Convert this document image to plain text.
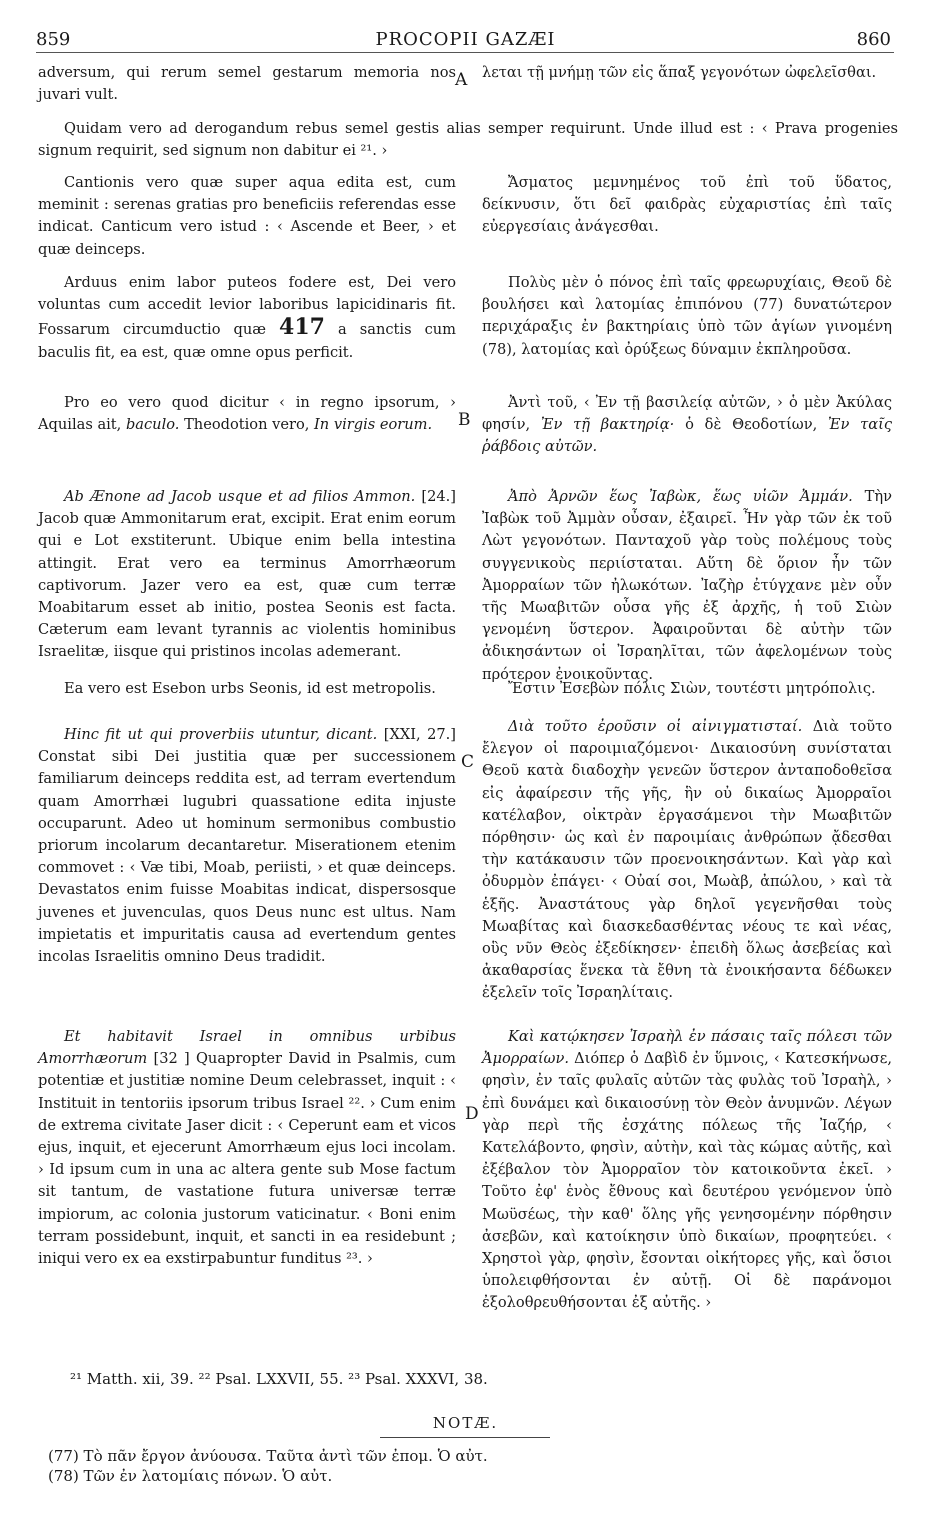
859	PROCOPII GAZÆI	860
A
B
C
D
adversum, qui rerum semel gestarum memoria nos juvari vult.
λεται τῇ μνήμῃ τῶν εἰς ἅπαξ γεγονότων ὠφελεῖσθαι.
Quidam vero ad derogandum rebus semel gestis alias semper requirunt. Unde illud est : ‹ Prava progenies signum requirit, sed signum non dabitur ei ²¹. ›
Cantionis vero quæ super aqua edita est, cum meminit : serenas gratias pro beneficiis referendas esse indicat. Canticum vero istud : ‹ Ascende et Beer, › et quæ deinceps.
Ἄσματος μεμνημένος τοῦ ἐπὶ τοῦ ὕδατος, δείκνυσιν, ὅτι δεῖ φαιδρὰς εὐχαριστίας ἐπὶ ταῖς εὐεργεσίαις ἀνάγεσθαι.
Arduus enim labor puteos fodere est, Dei vero voluntas cum accedit levior laboribus lapicidinaris fit. Fossarum circumductio quæ 417 a sanctis cum baculis fit, ea est, quæ omne opus perficit.
Πολὺς μὲν ὁ πόνος ἐπὶ ταῖς φρεωρυχίαις, Θεοῦ δὲ βουλήσει καὶ λατομίας ἐπιπόνου (77) δυνατώτερον περιχάραξις ἐν βακτηρίαις ὑπὸ τῶν ἁγίων γινομένη (78), λατομίας καὶ ὀρύξεως δύναμιν ἐκπληροῦσα.
Pro eo vero quod dicitur ‹ in regno ipsorum, › Aquilas ait, baculo. Theodotion vero, In virgis eorum.
Ἀντὶ τοῦ, ‹ Ἐν τῇ βασιλείᾳ αὐτῶν, › ὁ μὲν Ἀκύλας φησίν, Ἐν τῇ βακτηρίᾳ· ὁ δὲ Θεοδοτίων, Ἐν ταῖς ῥάβδοις αὐτῶν.
Ab Ænone ad Jacob usque et ad filios Ammon. [24.] Jacob quæ Ammonitarum erat, excipit. Erat enim eorum qui e Lot exstiterunt. Ubique enim bella intestina attingit. Erat vero ea terminus Amorrhæorum captivorum. Jazer vero ea est, quæ cum terræ Moabitarum esset ab initio, postea Seonis est facta. Cæterum eam levant tyrannis ac violentis hominibus Israelitæ, iisque qui pristinos incolas ademerant.
Ἀπὸ Ἀρνῶν ἕως Ἰαβὼκ, ἕως υἱῶν Ἀμμάν. Τὴν Ἰαβὼκ τοῦ Ἀμμὰν οὖσαν, ἐξαιρεῖ. Ἦν γὰρ τῶν ἐκ τοῦ Λὼτ γεγονότων. Πανταχοῦ γὰρ τοὺς πολέμους τοὺς συγγενικοὺς περιίσταται. Αὕτη δὲ ὅριον ἦν τῶν Ἀμορραίων τῶν ἠλωκότων. Ἰαζὴρ ἐτύγχανε μὲν οὖν τῆς Μωαβιτῶν οὖσα γῆς ἐξ ἀρχῆς, ἡ τοῦ Σιὼν γενομένη ὕστερον. Ἀφαιροῦνται δὲ αὐτὴν τῶν ἀδικησάντων οἱ Ἰσραηλῖται, τῶν ἀφελομένων τοὺς πρότερον ἐνοικοῦντας.
Ea vero est Esebon urbs Seonis, id est metropolis.	Ἔστιν Ἐσεβὼν πόλις Σιὼν, τουτέστι μητρόπολις.
Hinc fit ut qui proverbiis utuntur, dicant. [XXI, 27.] Constat sibi Dei justitia quæ per successionem familiarum deinceps reddita est, ad terram evertendum quam Amorrhæi lugubri quassatione edita injuste occuparunt. Adeo ut hominum sermonibus combustio priorum incolarum decantaretur. Miserationem etenim commovet : ‹ Væ tibi, Moab, periisti, › et quæ deinceps. Devastatos enim fuisse Moabitas indicat, dispersosque juvenes et juvenculas, quos Deus nunc est ultus. Nam impietatis et impuritatis causa ad evertendum gentes incolas Israelitis omnino Deus tradidit.
Διὰ τοῦτο ἐροῦσιν οἱ αἰνιγματισταί. Διὰ τοῦτο ἔλεγον οἱ παροιμιαζόμενοι· Δικαιοσύνη συνίσταται Θεοῦ κατὰ διαδοχὴν γενεῶν ὕστερον ἀνταποδοθεῖσα εἰς ἀφαίρεσιν τῆς γῆς, ἣν οὐ δικαίως Ἀμορραῖοι κατέλαβον, οἰκτρὰν ἐργασάμενοι τὴν Μωαβιτῶν πόρθησιν· ὡς καὶ ἐν παροιμίαις ἀνθρώπων ᾄδεσθαι τὴν κατάκαυσιν τῶν προενοικησάντων. Καὶ γὰρ καὶ ὀδυρμὸν ἐπάγει· ‹ Οὐαί σοι, Μωὰβ, ἀπώλου, › καὶ τὰ ἑξῆς. Ἀναστάτους γὰρ δηλοῖ γεγενῆσθαι τοὺς Μωαβίτας καὶ διασκεδασθέντας νέους τε καὶ νέας, οὓς νῦν Θεὸς ἐξεδίκησεν· ἐπειδὴ ὅλως ἀσεβείας καὶ ἀκαθαρσίας ἕνεκα τὰ ἔθνη τὰ ἐνοικήσαντα δέδωκεν ἐξελεῖν τοῖς Ἰσραηλίταις.
Et habitavit Israel in omnibus urbibus Amorrhæorum [32 ] Quapropter David in Psalmis, cum potentiæ et justitiæ nomine Deum celebrasset, inquit : ‹ Instituit in tentoriis ipsorum tribus Israel ²². › Cum enim de extrema civitate Jaser dicit : ‹ Ceperunt eam et vicos ejus, inquit, et ejecerunt Amorrhæum ejus loci incolam. › Id ipsum cum in una ac altera gente sub Mose factum sit tantum, de vastatione futura universæ terræ impiorum, ac colonia justorum vaticinatur. ‹ Boni enim terram possidebunt, inquit, et sancti in ea residebunt ; iniqui vero ex ea exstirpabuntur funditus ²³. ›
Καὶ κατῴκησεν Ἰσραὴλ ἐν πάσαις ταῖς πόλεσι τῶν Ἀμορραίων. Διόπερ ὁ Δαβὶδ ἐν ὕμνοις, ‹ Κατεσκήνωσε, φησὶν, ἐν ταῖς φυλαῖς αὐτῶν τὰς φυλὰς τοῦ Ἰσραὴλ, › ἐπὶ δυνάμει καὶ δικαιοσύνῃ τὸν Θεὸν ἀνυμνῶν. Λέγων γὰρ περὶ τῆς ἐσχάτης πόλεως τῆς Ἰαζήρ, ‹ Κατελάβοντο, φησὶν, αὐτὴν, καὶ τὰς κώμας αὐτῆς, καὶ ἐξέβαλον τὸν Ἀμορραῖον τὸν κατοικοῦντα ἐκεῖ. › Τοῦτο ἐφ' ἑνὸς ἔθνους καὶ δευτέρου γενόμενον ὑπὸ Μωϋσέως, τὴν καθ' ὅλης γῆς γενησομένην πόρθησιν ἀσεβῶν, καὶ κατοίκησιν ὑπὸ δικαίων, προφητεύει. ‹ Χρηστοὶ γὰρ, φησὶν, ἔσονται οἰκήτορες γῆς, καὶ ὅσιοι ὑπολειφθήσονται ἐν αὐτῇ. Οἱ δὲ παράνομοι ἐξολοθρευθήσονται ἐξ αὐτῆς. ›
²¹ Matth. xii, 39. ²² Psal. LXXVII, 55. ²³ Psal. XXXVI, 38.
NOTÆ.
(77) Τὸ πᾶν ἔργον ἀνύουσα. Ταῦτα ἀντὶ τῶν ἐπομ. Ὁ αὐτ.
(78) Τῶν ἐν λατομίαις πόνων. Ὁ αὐτ.
